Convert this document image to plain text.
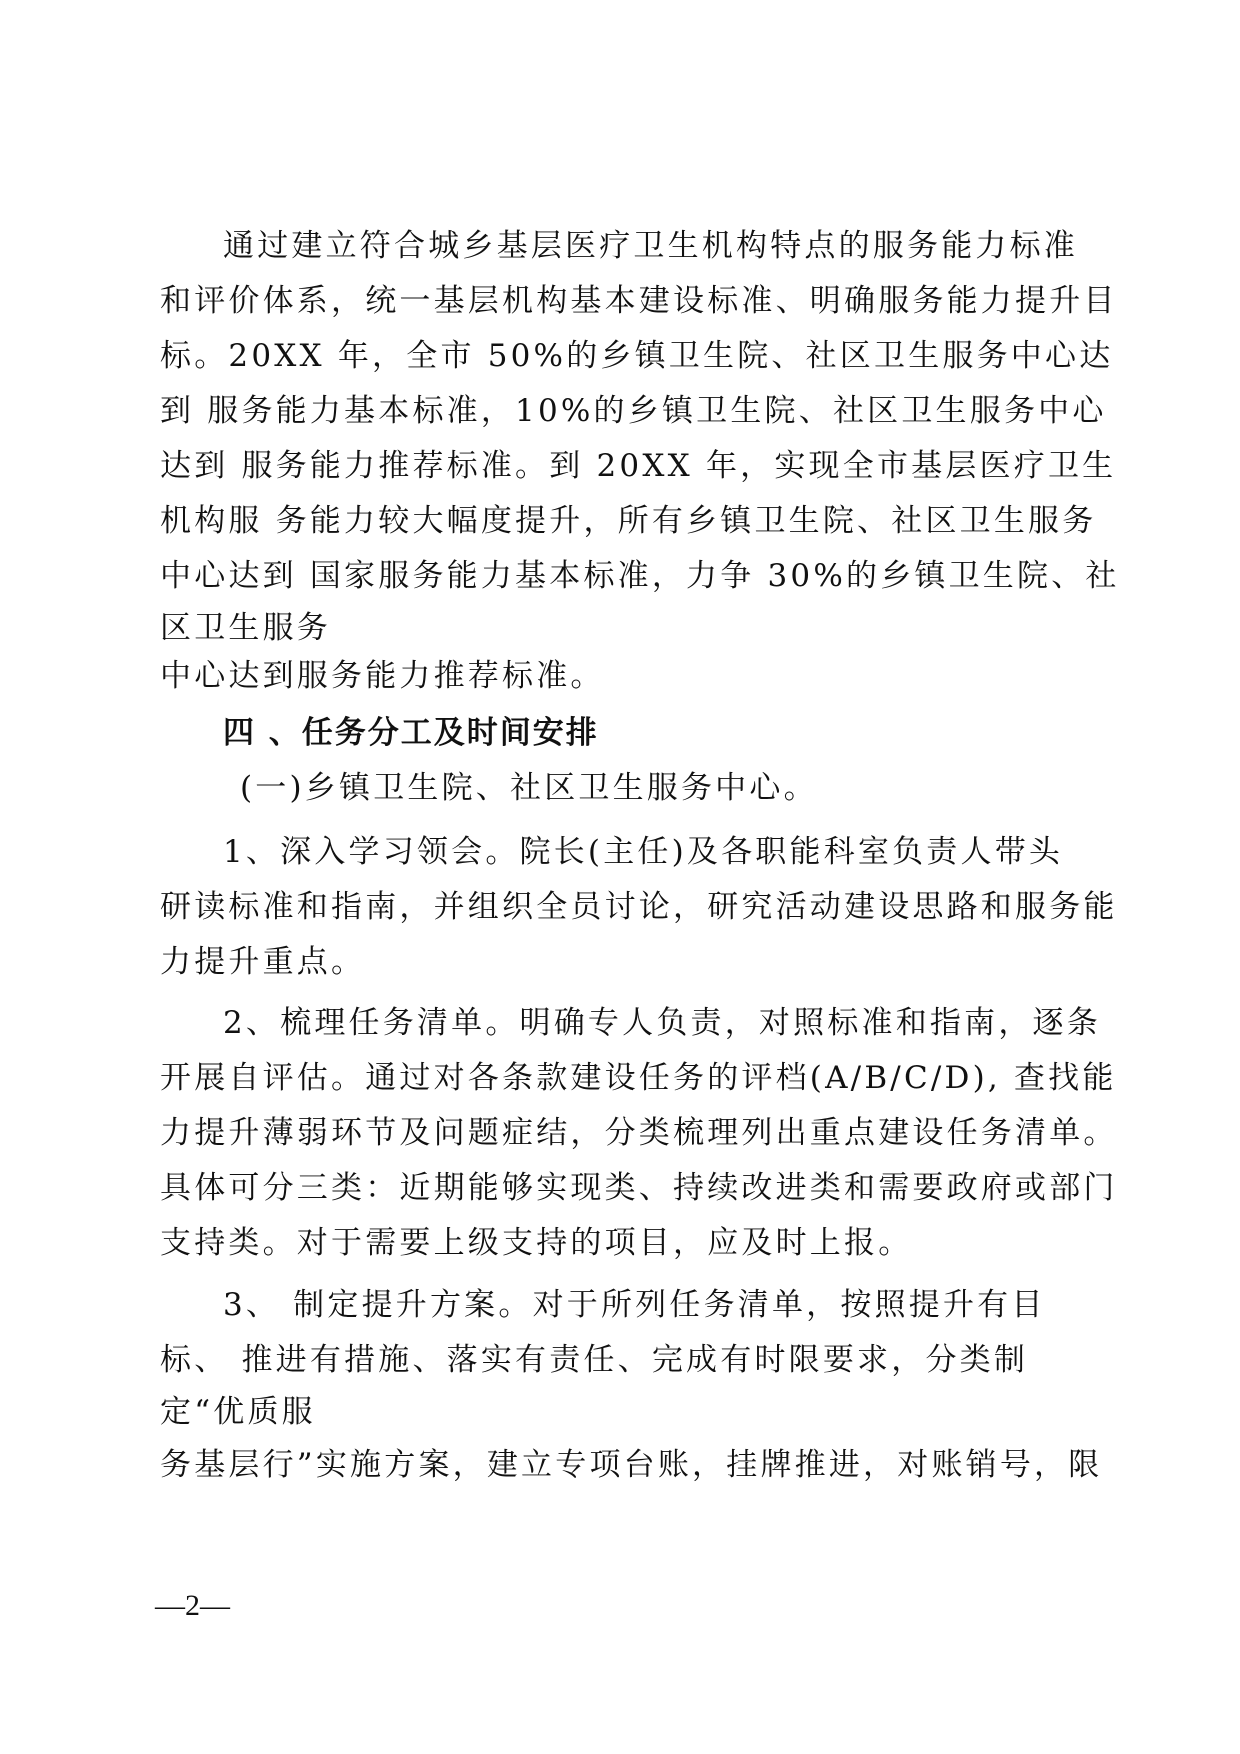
通过建立符合城乡基层医疗卫生机构特点的服务能力标准
和评价体系，统一基层机构基本建设标准、明确服务能力提升目
标。20XX 年，全市 50%的乡镇卫生院、社区卫生服务中心达
到 服务能力基本标准，10%的乡镇卫生院、社区卫生服务中心
达到 服务能力推荐标准。到 20XX 年，实现全市基层医疗卫生
机构服 务能力较大幅度提升，所有乡镇卫生院、社区卫生服务
中心达到 国家服务能力基本标准，力争 30%的乡镇卫生院、社
区卫生服务
中心达到服务能力推荐标准。
四 、任务分工及时间安排
(一)乡镇卫生院、社区卫生服务中心。
1、深入学习领会。院长(主任)及各职能科室负责人带头
研读标准和指南，并组织全员讨论，研究活动建设思路和服务能
力提升重点。
2、梳理任务清单。明确专人负责，对照标准和指南，逐条
开展自评估。通过对各条款建设任务的评档(A/B/C/D), 查找能
力提升薄弱环节及问题症结，分类梳理列出重点建设任务清单。
具体可分三类：近期能够实现类、持续改进类和需要政府或部门
支持类。对于需要上级支持的项目，应及时上报。
3、 制定提升方案。对于所列任务清单，按照提升有目
标、 推进有措施、落实有责任、完成有时限要求，分类制
定“优质服
务基层行”实施方案，建立专项台账，挂牌推进，对账销号，限
—2—
